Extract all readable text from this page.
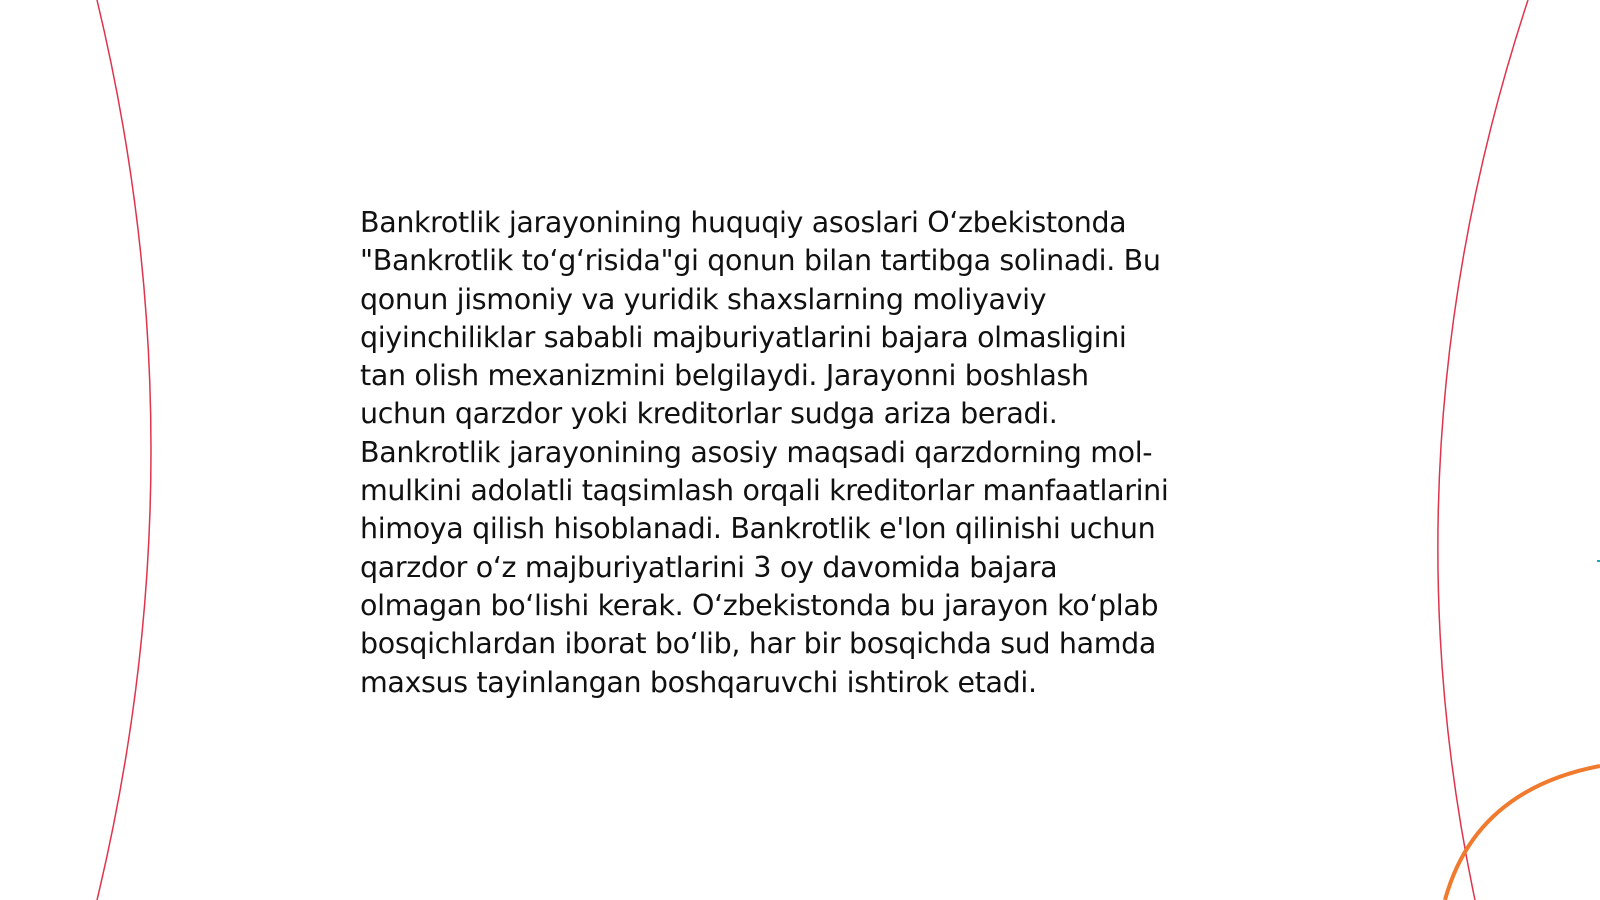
Bankrotlik jarayonining huquqiy asoslari O‘zbekistonda
"Bankrotlik to‘g‘risida"gi qonun bilan tartibga solinadi. Bu
qonun jismoniy va yuridik shaxslarning moliyaviy
qiyinchiliklar sababli majburiyatlarini bajara olmasligini
tan olish mexanizmini belgilaydi. Jarayonni boshlash
uchun qarzdor yoki kreditorlar sudga ariza beradi.
Bankrotlik jarayonining asosiy maqsadi qarzdorning mol-
mulkini adolatli taqsimlash orqali kreditorlar manfaatlarini
himoya qilish hisoblanadi. Bankrotlik e'lon qilinishi uchun
qarzdor o‘z majburiyatlarini 3 oy davomida bajara
olmagan bo‘lishi kerak. O‘zbekistonda bu jarayon ko‘plab
bosqichlardan iborat bo‘lib, har bir bosqichda sud hamda
maxsus tayinlangan boshqaruvchi ishtirok etadi.
